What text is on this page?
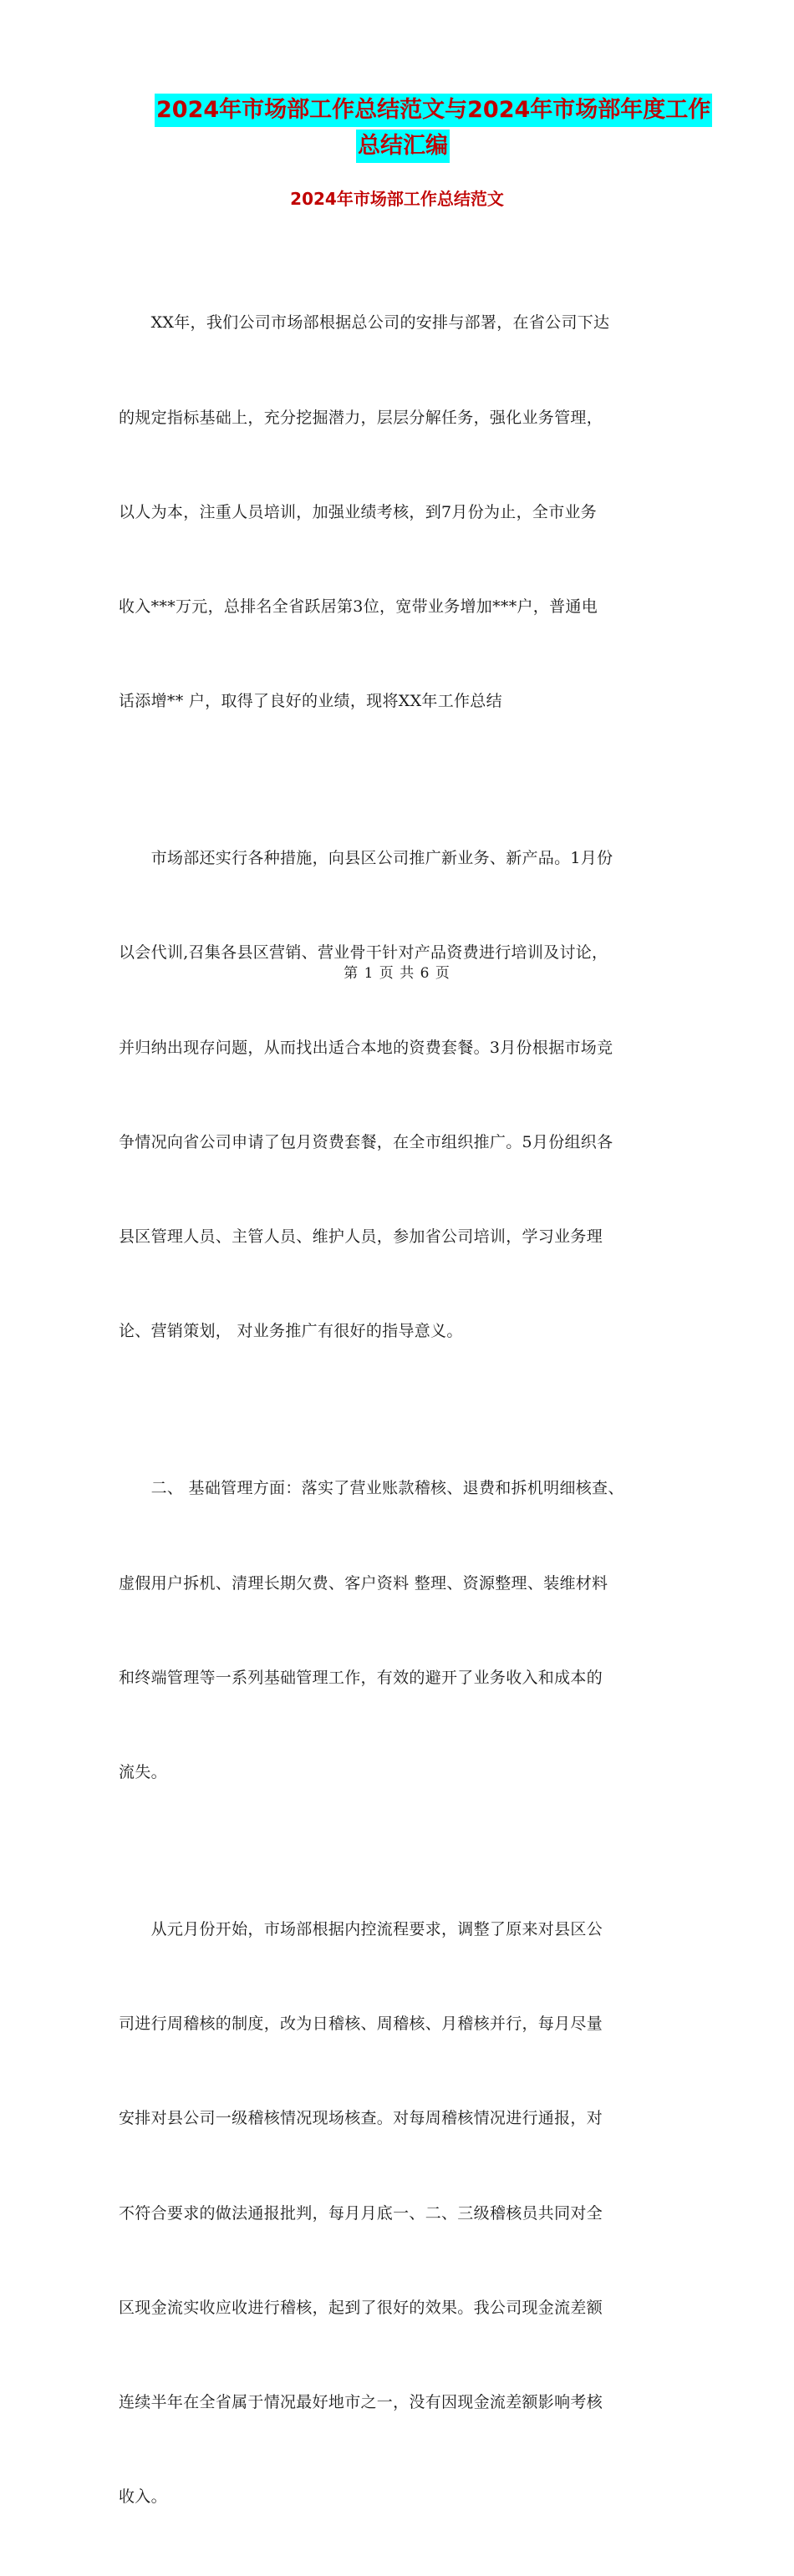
2024年市场部工作总结范文与2024年市场部年度工作
总结汇编
2024年市场部工作总结范文

　　XX年，我们公司市场部根据总公司的安排与部署，在省公司下达

的规定指标基础上，充分挖掘潜力，层层分解任务，强化业务管理，

以人为本，注重人员培训，加强业绩考核，到7月份为止，全市业务

收入***万元，总排名全省跃居第3位，宽带业务增加***户，普通电

话添增** 户，取得了良好的业绩，现将XX年工作总结

　　市场部还实行各种措施，向县区公司推广新业务、新产品。1月份

以会代训,召集各县区营销、营业骨干针对产品资费进行培训及讨论，

并归纳出现存问题，从而找出适合本地的资费套餐。3月份根据市场竞

争情况向省公司申请了包月资费套餐，在全市组织推广。5月份组织各

县区管理人员、主管人员、维护人员，参加省公司培训，学习业务理

论、营销策划， 对业务推广有很好的指导意义。

　　二、 基础管理方面：落实了营业账款稽核、退费和拆机明细核查、

虚假用户拆机、清理长期欠费、客户资料 整理、资源整理、装维材料

和终端管理等一系列基础管理工作，有效的避开了业务收入和成本的

流失。

　　从元月份开始，市场部根据内控流程要求，调整了原来对县区公

司进行周稽核的制度，改为日稽核、周稽核、月稽核并行，每月尽量

安排对县公司一级稽核情况现场核查。对每周稽核情况进行通报，对

不符合要求的做法通报批判，每月月底一、二、三级稽核员共同对全

区现金流实收应收进行稽核，起到了很好的效果。我公司现金流差额

连续半年在全省属于情况最好地市之一，没有因现金流差额影响考核

收入。

第 1 页 共 6 页
